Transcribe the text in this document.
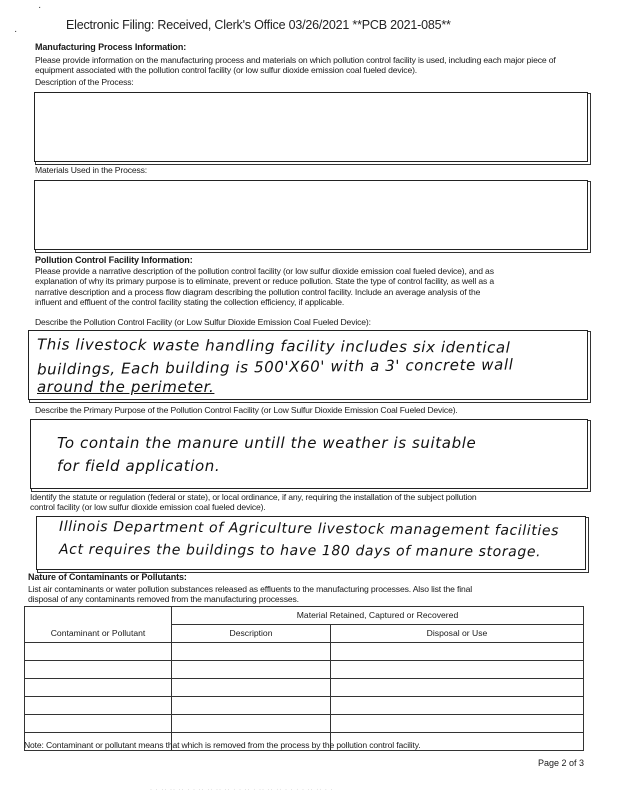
·
·	Electronic Filing: Received, Clerk's Office 03/26/2021 **PCB 2021-085**
Manufacturing Process Information:
Please provide information on the manufacturing process and materials on which pollution control facility is used, including each major piece of equipment associated with the pollution control facility (or low sulfur dioxide emission coal fueled device).
Description of the Process:
Materials Used in the Process:
Pollution Control Facility Information:
Please provide a narrative description of the pollution control facility (or low sulfur dioxide emission coal fueled device), and as
explanation of why its primary purpose is to eliminate, prevent or reduce pollution. State the type of control facility, as well as a
narrative description and a process flow diagram describing the pollution control facility. Include an average analysis of the
influent and effluent of the control facility stating the collection efficiency, if applicable.
Describe the Pollution Control Facility (or Low Sulfur Dioxide Emission Coal Fueled Device):
This livestock waste handling facility includes six identical
buildings, Each building is 500'X60' with a 3' concrete wall
around the perimeter.
Describe the Primary Purpose of the Pollution Control Facility (or Low Sulfur Dioxide Emission Coal Fueled Device).
To contain the manure untill the weather is suitable
for field application.
Identify the statute or regulation (federal or state), or local ordinance, if any, requiring the installation of the subject pollution
control facility (or low sulfur dioxide emission coal fueled device).
Illinois Department of Agriculture livestock management facilities
Act requires the buildings to have 180 days of manure storage.
Nature of Contaminants or Pollutants:
List air contaminants or water pollution substances released as effluents to the manufacturing processes. Also list the final
disposal of any contaminants removed from the manufacturing processes.
	Material Retained, Captured or Recovered	
Contaminant or Pollutant	Description	Disposal or Use

Note: Contaminant or pollutant means that which is removed from the process by the pollution control facility.
Page 2 of 3
· · ·· ·· ·· · · ·· ·· ·· ·· · · ·· · ·· ·· ·· · · · · ·· ·· · ·
